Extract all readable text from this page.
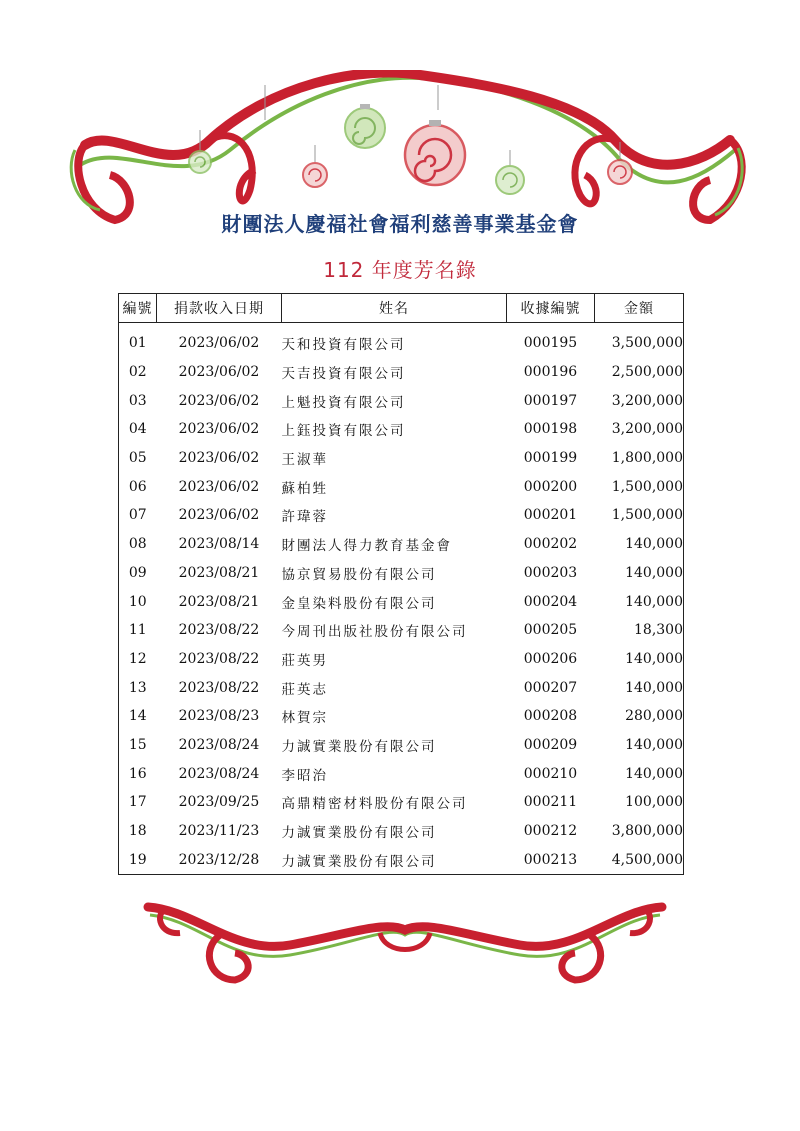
財團法人慶福社會福利慈善事業基金會
112 年度芳名錄
編號	捐款收入日期	姓名	收據編號	金額
01	2023/06/02	天和投資有限公司	000195	3,500,000
02	2023/06/02	天吉投資有限公司	000196	2,500,000
03	2023/06/02	上魁投資有限公司	000197	3,200,000
04	2023/06/02	上鈺投資有限公司	000198	3,200,000
05	2023/06/02	王淑華	000199	1,800,000
06	2023/06/02	蘇柏甡	000200	1,500,000
07	2023/06/02	許瑋蓉	000201	1,500,000
08	2023/08/14	財團法人得力教育基金會	000202	140,000
09	2023/08/21	協京貿易股份有限公司	000203	140,000
10	2023/08/21	金皇染料股份有限公司	000204	140,000
11	2023/08/22	今周刊出版社股份有限公司	000205	18,300
12	2023/08/22	莊英男	000206	140,000
13	2023/08/22	莊英志	000207	140,000
14	2023/08/23	林賀宗	000208	280,000
15	2023/08/24	力誠實業股份有限公司	000209	140,000
16	2023/08/24	李昭治	000210	140,000
17	2023/09/25	高鼎精密材料股份有限公司	000211	100,000
18	2023/11/23	力誠實業股份有限公司	000212	3,800,000
19	2023/12/28	力誠實業股份有限公司	000213	4,500,000
